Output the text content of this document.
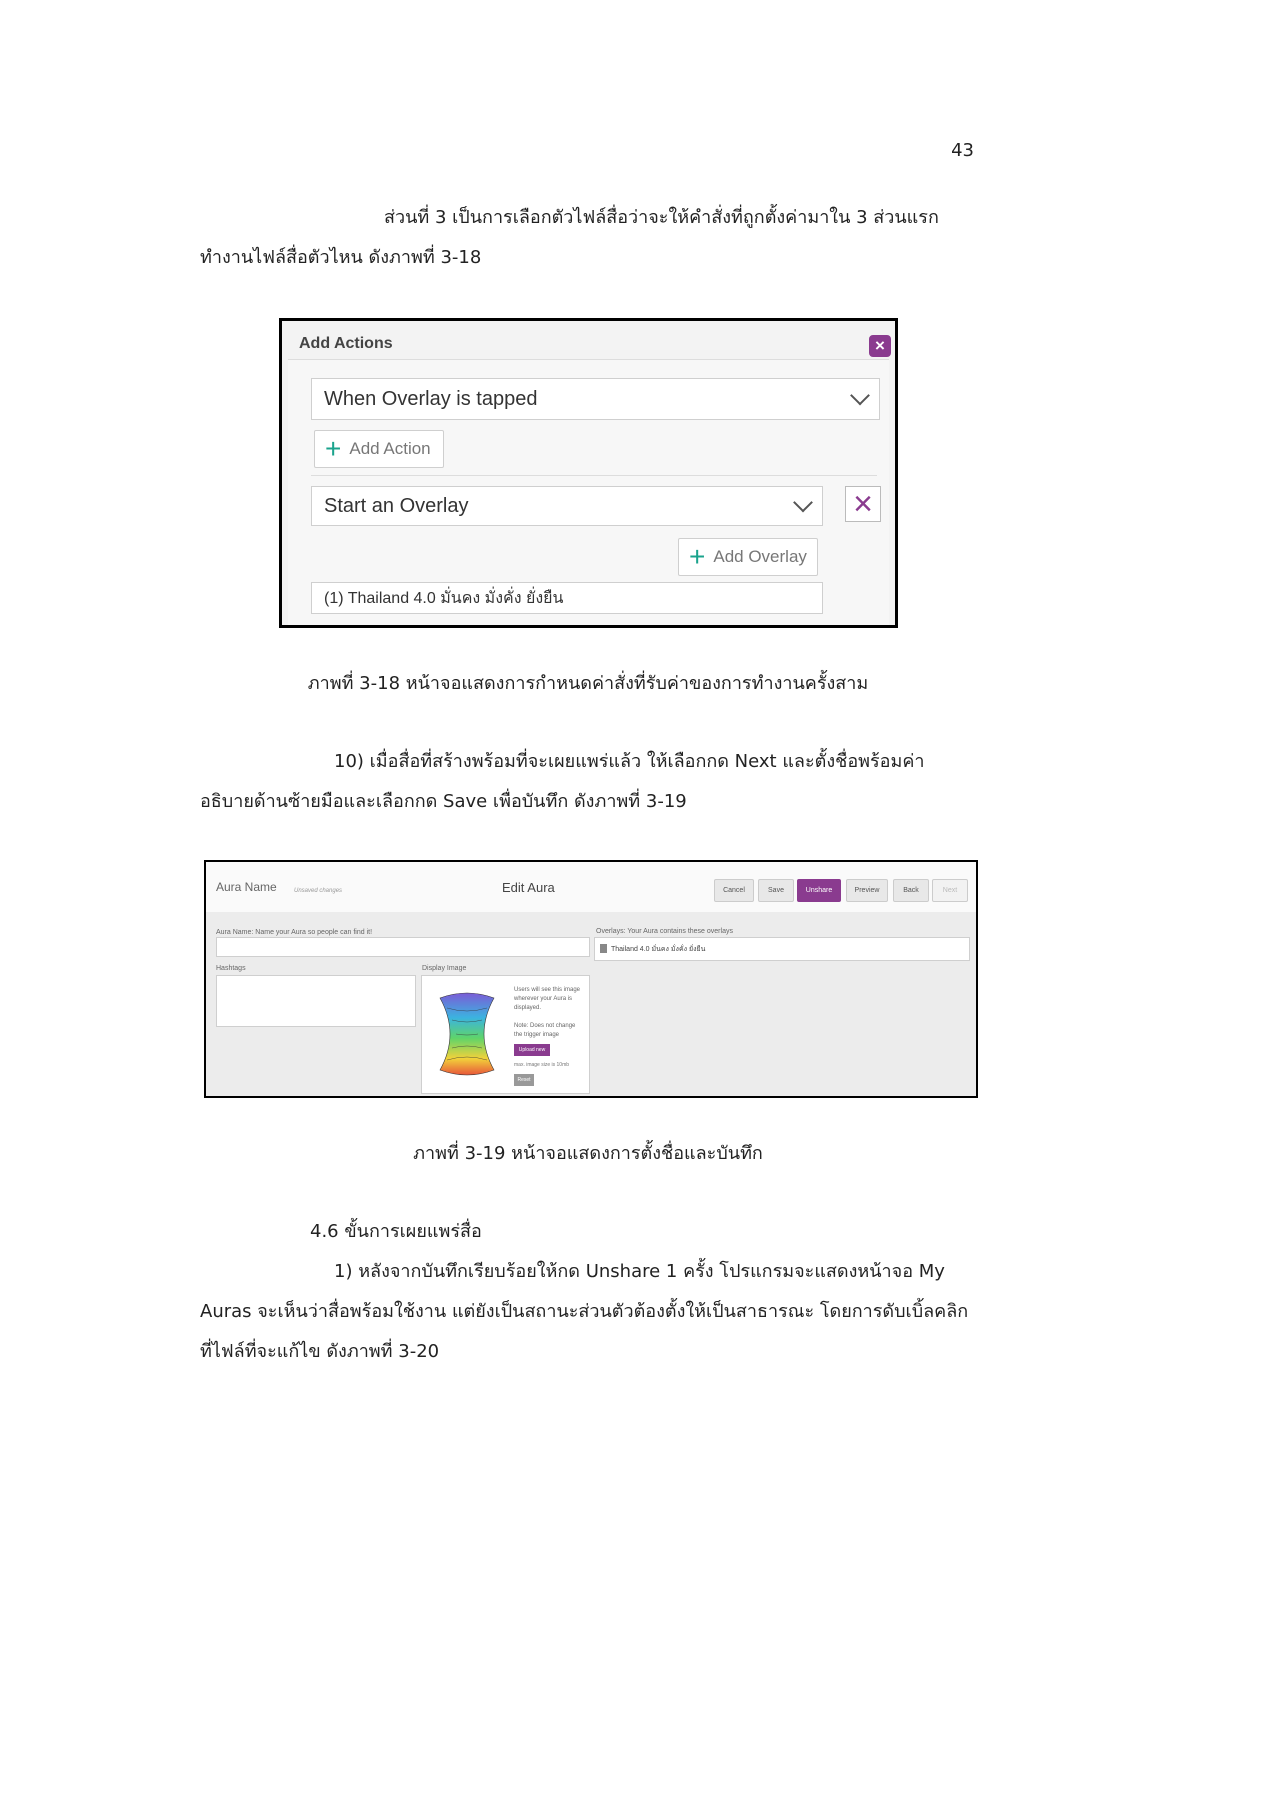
43
ส่วนที่ 3 เป็นการเลือกตัวไฟล์สื่อว่าจะให้คำสั่งที่ถูกตั้งค่ามาใน 3 ส่วนแรก
ทำงานไฟล์สื่อตัวไหน ดังภาพที่ 3-18
Add Actions	×
When Overlay is tapped
+ Add Action
Start an Overlay	×
+ Add Overlay
(1) Thailand 4.0 มั่นคง มั่งคั่ง ยั่งยืน
ภาพที่ 3-18 หน้าจอแสดงการกำหนดค่าสั่งที่รับค่าของการทำงานครั้งสาม
10) เมื่อสื่อที่สร้างพร้อมที่จะเผยแพร่แล้ว ให้เลือกกด Next และตั้งชื่อพร้อมค่า
อธิบายด้านซ้ายมือและเลือกกด Save เพื่อบันทึก ดังภาพที่ 3-19
Aura Name	Unsaved changes	Edit Aura	Cancel	Save	Unshare	Preview	Back	Next
Aura Name: Name your Aura so people can find it!	Overlays: Your Aura contains these overlays
Thailand 4.0 มั่นคง มั่งคั่ง ยั่งยืน
Hashtags	Display Image
Users will see this image wherever your Aura is displayed.
Note: Does not change the trigger image
Upload new
max. image size is 10mb
Reset
ภาพที่ 3-19 หน้าจอแสดงการตั้งชื่อและบันทึก
4.6 ขั้นการเผยแพร่สื่อ
1) หลังจากบันทึกเรียบร้อยให้กด Unshare 1 ครั้ง โปรแกรมจะแสดงหน้าจอ My
Auras จะเห็นว่าสื่อพร้อมใช้งาน แต่ยังเป็นสถานะส่วนตัวต้องตั้งให้เป็นสาธารณะ โดยการดับเบิ้ลคลิก
ที่ไฟล์ที่จะแก้ไข ดังภาพที่ 3-20
